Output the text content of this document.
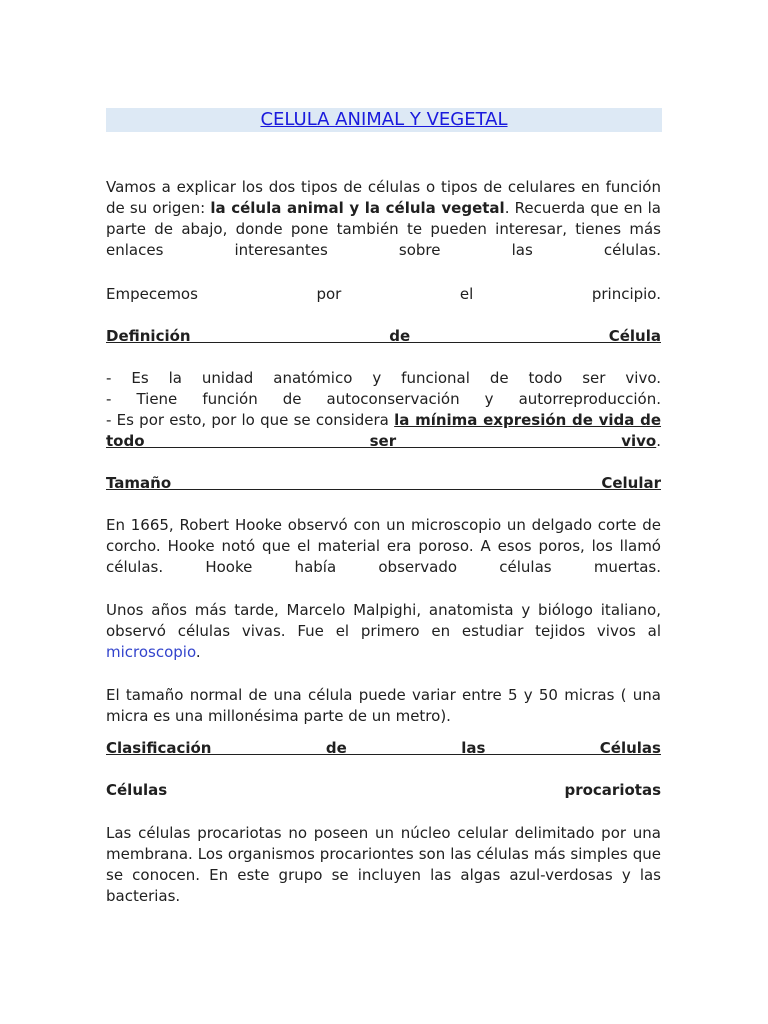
CELULA ANIMAL Y VEGETAL

Vamos a explicar los dos tipos de células o tipos de celulares en función de su origen: la célula animal y la célula vegetal. Recuerda que en la parte de abajo, donde pone también te pueden interesar, tienes más enlaces interesantes sobre las células.

Empecemos por el principio.

Definición de Célula

- Es la unidad anatómico y funcional de todo ser vivo.

- Tiene función de autoconservación y autorreproducción.

- Es por esto, por lo que se considera la mínima expresión de vida de todo ser vivo.

Tamaño Celular

En 1665, Robert Hooke observó con un microscopio un delgado corte de corcho. Hooke notó que el material era poroso. A esos poros, los llamó células. Hooke había observado células muertas.

Unos años más tarde, Marcelo Malpighi, anatomista y biólogo italiano, observó células vivas. Fue el primero en estudiar tejidos vivos al microscopio.

El tamaño normal de una célula puede variar entre 5 y 50 micras ( una micra es una millonésima parte de un metro).

Clasificación de las Células

Células procariotas

Las células procariotas no poseen un núcleo celular delimitado por una membrana. Los organismos procariontes son las células más simples que se conocen. En este grupo se incluyen las algas azul-verdosas y las bacterias.
